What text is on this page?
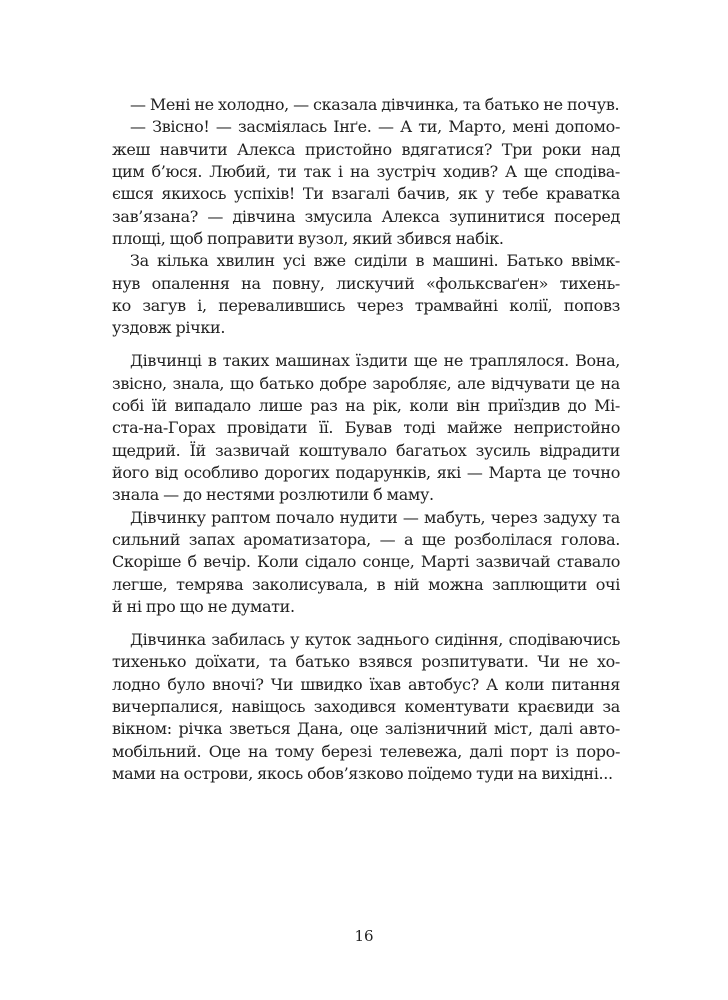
— Мені не холодно, — сказала дівчинка, та батько не почув.

— Звісно! — засміялась Інґе. — А ти, Марто, мені допомо-
жеш навчити Алекса пристойно вдягатися? Три роки над
цим б’юся. Любий, ти так і на зустріч ходив? А ще сподіва-
єшся якихось успіхів! Ти взагалі бачив, як у тебе краватка
зав’язана? — дівчина змусила Алекса зупинитися посеред
площі, щоб поправити вузол, який збився набік.

За кілька хвилин усі вже сиділи в машині. Батько ввімк-
нув опалення на повну, лискучий «фольксваґен» тихень-
ко загув і, перевалившись через трамвайні колії, поповз
уздовж річки.

Дівчинці в таких машинах їздити ще не траплялося. Вона,
звісно, знала, що батько добре заробляє, але відчувати це на
собі їй випадало лише раз на рік, коли він приїздив до Мі-
ста-на-Горах провідати її. Бував тоді майже непристойно
щедрий. Їй зазвичай коштувало багатьох зусиль відрадити
його від особливо дорогих подарунків, які — Марта це точно
знала — до нестями розлютили б маму.

Дівчинку раптом почало нудити — мабуть, через задуху та
сильний запах ароматизатора, — а ще розболілася голова.
Скоріше б вечір. Коли сідало сонце, Марті зазвичай ставало
легше, темрява заколисувала, в ній можна заплющити очі
й ні про що не думати.

Дівчинка забилась у куток заднього сидіння, сподіваючись
тихенько доїхати, та батько взявся розпитувати. Чи не хо-
лодно було вночі? Чи швидко їхав автобус? А коли питання
вичерпалися, навіщось заходився коментувати краєвиди за
вікном: річка зветься Дана, оце залізничний міст, далі авто-
мобільний. Оце на тому березі телевежа, далі порт із поро-
мами на острови, якось обов’язково поїдемо туди на вихідні...

16
